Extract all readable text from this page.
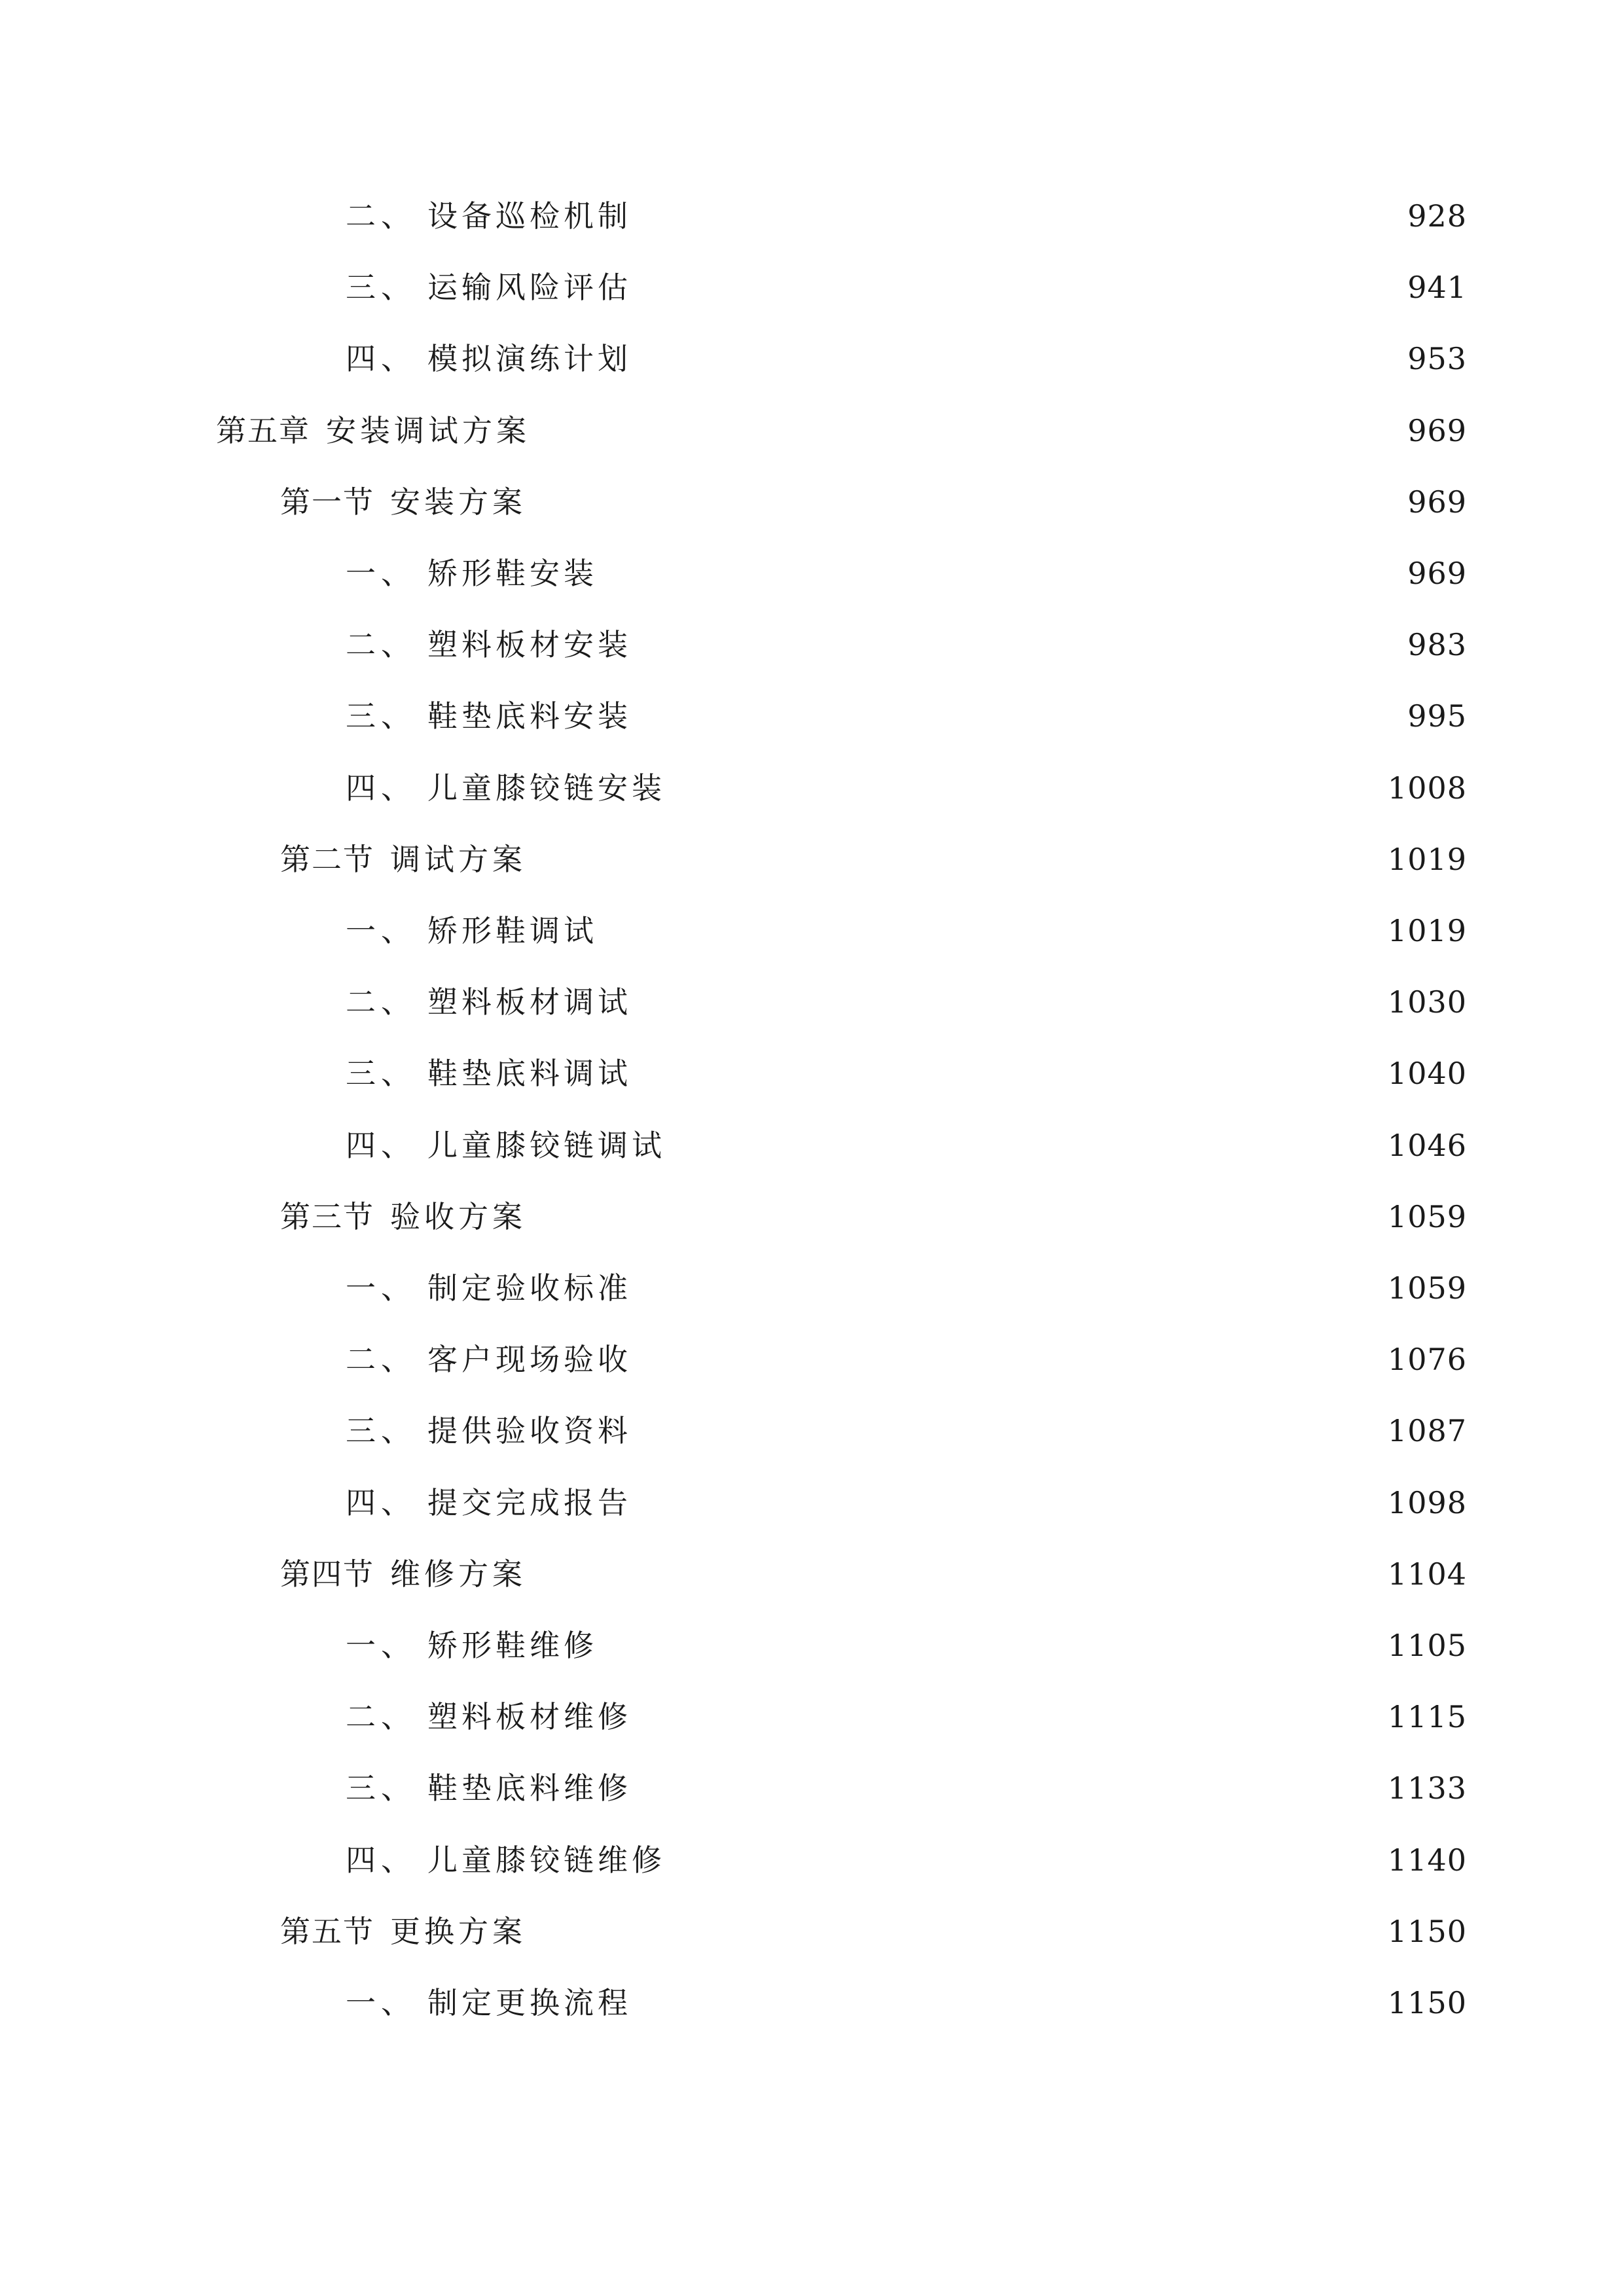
二、 设备巡检机制	928
三、 运输风险评估	941
四、 模拟演练计划	953
第五章 安装调试方案	969
第一节 安装方案	969
一、 矫形鞋安装	969
二、 塑料板材安装	983
三、 鞋垫底料安装	995
四、 儿童膝铰链安装	1008
第二节 调试方案	1019
一、 矫形鞋调试	1019
二、 塑料板材调试	1030
三、 鞋垫底料调试	1040
四、 儿童膝铰链调试	1046
第三节 验收方案	1059
一、 制定验收标准	1059
二、 客户现场验收	1076
三、 提供验收资料	1087
四、 提交完成报告	1098
第四节 维修方案	1104
一、 矫形鞋维修	1105
二、 塑料板材维修	1115
三、 鞋垫底料维修	1133
四、 儿童膝铰链维修	1140
第五节 更换方案	1150
一、 制定更换流程	1150
